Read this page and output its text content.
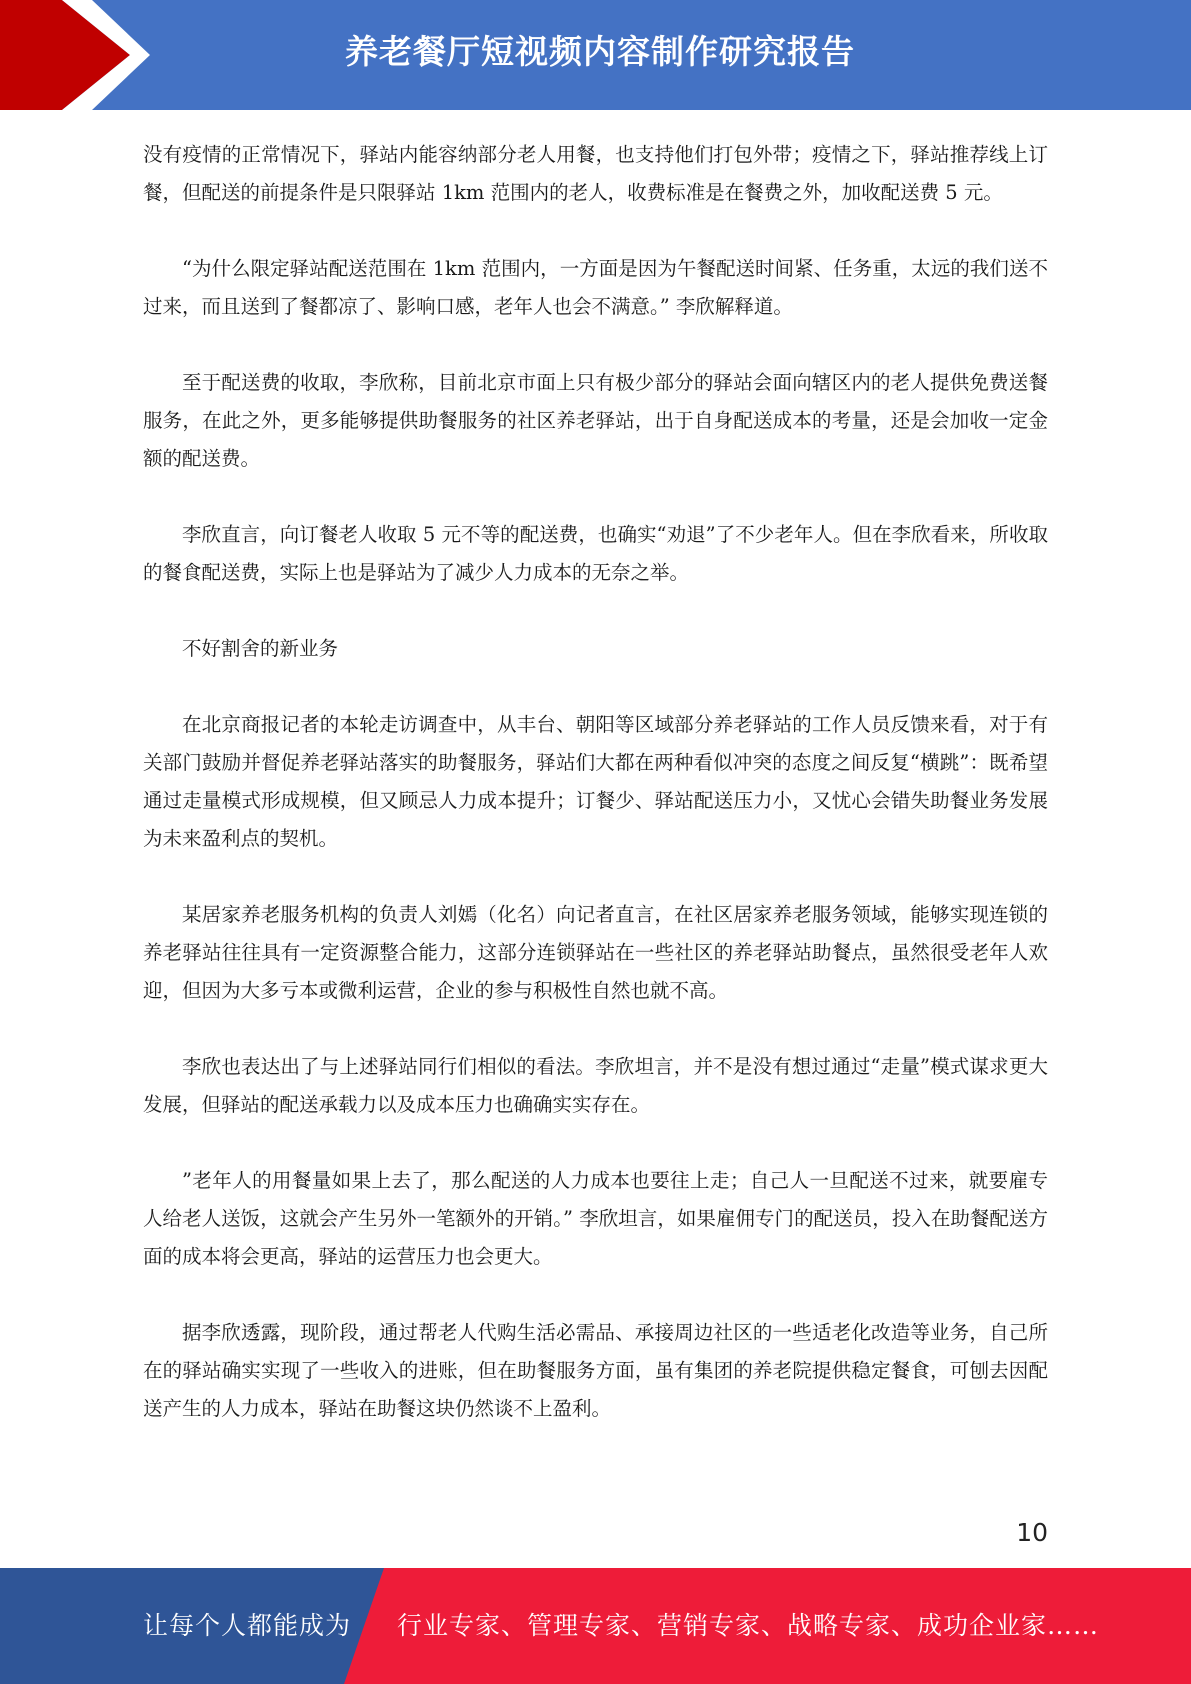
养老餐厅短视频内容制作研究报告

没有疫情的正常情况下，驿站内能容纳部分老人用餐，也支持他们打包外带；疫情之下，驿站推荐线上订餐，但配送的前提条件是只限驿站 1km 范围内的老人，收费标准是在餐费之外，加收配送费 5 元。

“为什么限定驿站配送范围在 1km 范围内，一方面是因为午餐配送时间紧、任务重，太远的我们送不过来，而且送到了餐都凉了、影响口感，老年人也会不满意。” 李欣解释道。

至于配送费的收取，李欣称，目前北京市面上只有极少部分的驿站会面向辖区内的老人提供免费送餐服务，在此之外，更多能够提供助餐服务的社区养老驿站，出于自身配送成本的考量，还是会加收一定金额的配送费。

李欣直言，向订餐老人收取 5 元不等的配送费，也确实“劝退”了不少老年人。但在李欣看来，所收取的餐食配送费，实际上也是驿站为了减少人力成本的无奈之举。

不好割舍的新业务

在北京商报记者的本轮走访调查中，从丰台、朝阳等区域部分养老驿站的工作人员反馈来看，对于有关部门鼓励并督促养老驿站落实的助餐服务，驿站们大都在两种看似冲突的态度之间反复“横跳”：既希望通过走量模式形成规模，但又顾忌人力成本提升；订餐少、驿站配送压力小，又忧心会错失助餐业务发展为未来盈利点的契机。

某居家养老服务机构的负责人刘嫣（化名）向记者直言，在社区居家养老服务领域，能够实现连锁的养老驿站往往具有一定资源整合能力，这部分连锁驿站在一些社区的养老驿站助餐点，虽然很受老年人欢迎，但因为大多亏本或微利运营，企业的参与积极性自然也就不高。

李欣也表达出了与上述驿站同行们相似的看法。李欣坦言，并不是没有想过通过“走量”模式谋求更大发展，但驿站的配送承载力以及成本压力也确确实实存在。

”老年人的用餐量如果上去了，那么配送的人力成本也要往上走；自己人一旦配送不过来，就要雇专人给老人送饭，这就会产生另外一笔额外的开销。” 李欣坦言，如果雇佣专门的配送员，投入在助餐配送方面的成本将会更高，驿站的运营压力也会更大。

据李欣透露，现阶段，通过帮老人代购生活必需品、承接周边社区的一些适老化改造等业务，自己所在的驿站确实实现了一些收入的进账，但在助餐服务方面，虽有集团的养老院提供稳定餐食，可刨去因配送产生的人力成本，驿站在助餐这块仍然谈不上盈利。

10
让每个人都能成为 行业专家、管理专家、营销专家、战略专家、成功企业家……
